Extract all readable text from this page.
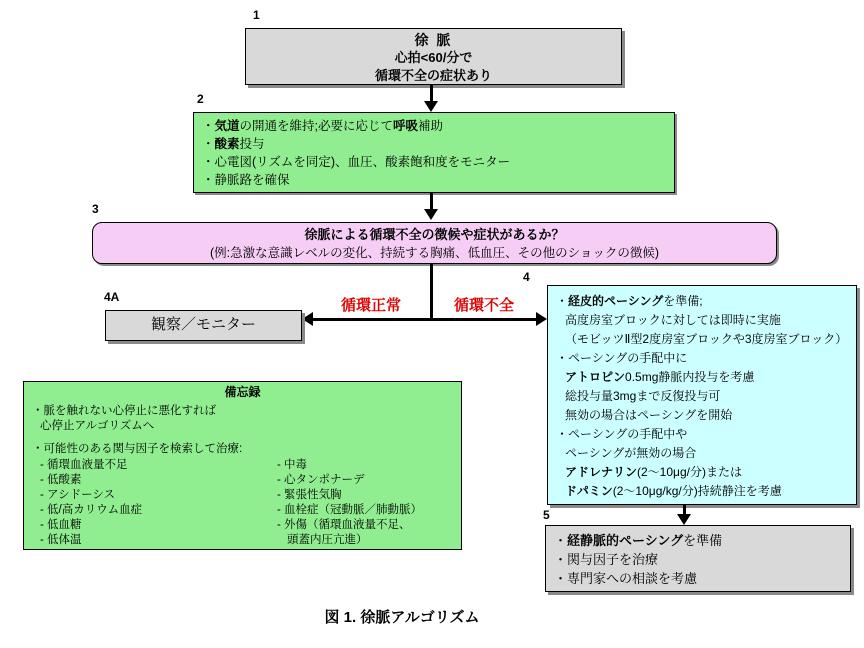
1
2
3
4A
4
5
徐 脈
心拍<60/分で
循環不全の症状あり
・気道の開通を維持;必要に応じて呼吸補助
・酸素投与
・心電図(リズムを同定)、血圧、酸素飽和度をモニター
・静脈路を確保
徐脈による循環不全の徴候や症状があるか？
(例:急激な意識レベルの変化、持続する胸痛、低血圧、その他のショックの徴候)
循環正常	循環不全
観察／モニター
・経皮的ペーシングを準備;
高度房室ブロックに対しては即時に実施
（モビッツⅡ型2度房室ブロックや3度房室ブロック）
・ペーシングの手配中に
アトロピン0.5mg静脈内投与を考慮
総投与量3mgまで反復投与可
無効の場合はペーシングを開始
・ペーシングの手配中や
ペーシングが無効の場合
アドレナリン(2～10μg/分)または
ドパミン(2～10μg/kg/分)持続静注を考慮
・経静脈的ペーシングを準備
・関与因子を治療
・専門家への相談を考慮
備忘録
・脈を触れない心停止に悪化すれば
心停止アルゴリズムへ
・可能性のある関与因子を検索して治療:
- 循環血液量不足
- 低酸素
- アシドーシス
- 低/高カリウム血症
- 低血糖
- 低体温
- 中毒
- 心タンポナーデ
- 緊張性気胸
- 血栓症（冠動脈／肺動脈）
- 外傷（循環血液量不足、
頭蓋内圧亢進）
図 1. 徐脈アルゴリズム
